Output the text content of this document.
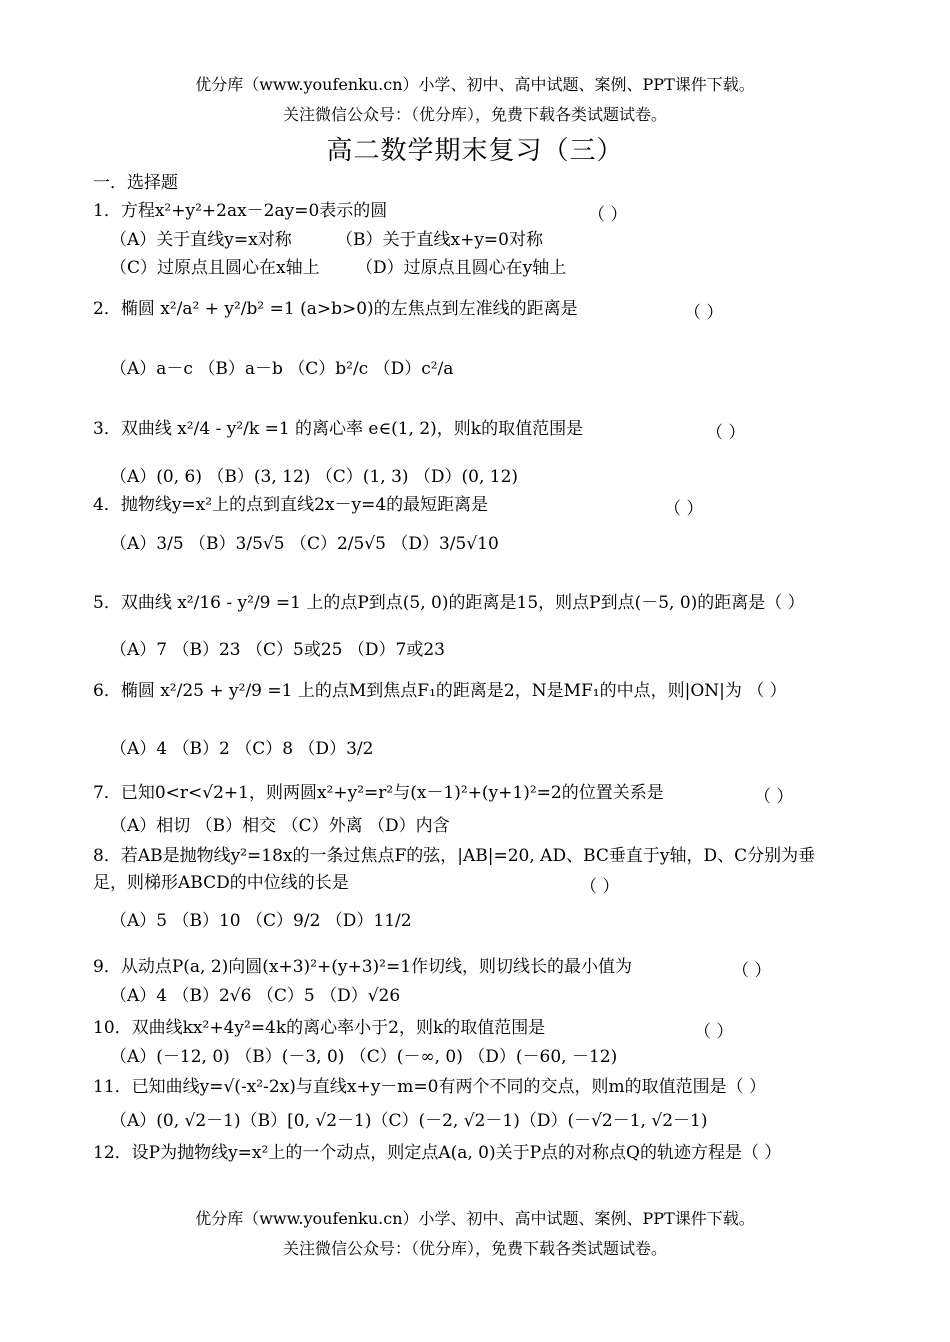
优分库（www.youfenku.cn）小学、初中、高中试题、案例、PPT课件下载。
关注微信公众号：（优分库），免费下载各类试题试卷。
高二数学期末复习（三）
一．选择题
1．方程x²+y²+2ax－2ay=0表示的圆	（ ）
（A）关于直线y=x对称	（B）关于直线x+y=0对称
（C）过原点且圆心在x轴上 （D）过原点且圆心在y轴上
2．椭圆 x²/a² + y²/b² =1 (a>b>0)的左焦点到左准线的距离是	（ ）
（A）a－c （B）a－b （C）b²/c （D）c²/a
3．双曲线 x²/4 - y²/k =1 的离心率 e∈(1, 2)，则k的取值范围是	（ ）
（A）(0, 6) （B）(3, 12) （C）(1, 3) （D）(0, 12)
4．抛物线y=x²上的点到直线2x－y=4的最短距离是	（ ）
（A）3/5 （B）3/5√5 （C）2/5√5 （D）3/5√10
5．双曲线 x²/16 - y²/9 =1 上的点P到点(5, 0)的距离是15，则点P到点(－5, 0)的距离是（ ）
（A）7 （B）23 （C）5或25 （D）7或23
6．椭圆 x²/25 + y²/9 =1 上的点M到焦点F₁的距离是2，N是MF₁的中点，则|ON|为 （ ）
（A）4 （B）2 （C）8 （D）3/2
7．已知0<r<√2+1，则两圆x²+y²=r²与(x－1)²+(y+1)²=2的位置关系是	（ ）
（A）相切 （B）相交 （C）外离 （D）内含
8．若AB是抛物线y²=18x的一条过焦点F的弦，|AB|=20, AD、BC垂直于y轴，D、C分别为垂
足，则梯形ABCD的中位线的长是	（ ）
（A）5 （B）10 （C）9/2 （D）11/2
9．从动点P(a, 2)向圆(x+3)²+(y+3)²=1作切线，则切线长的最小值为	（ ）
（A）4 （B）2√6 （C）5 （D）√26
10．双曲线kx²+4y²=4k的离心率小于2，则k的取值范围是	（ ）
（A）(－12, 0) （B）(－3, 0) （C）(－∞, 0) （D）(－60, －12)
11．已知曲线y=√(-x²-2x)与直线x+y－m=0有两个不同的交点，则m的取值范围是（ ）
（A）(0, √2－1)（B）[0, √2－1)（C）(－2, √2－1)（D）(－√2－1, √2－1)
12．设P为抛物线y=x²上的一个动点，则定点A(a, 0)关于P点的对称点Q的轨迹方程是（ ）
优分库（www.youfenku.cn）小学、初中、高中试题、案例、PPT课件下载。
关注微信公众号：（优分库），免费下载各类试题试卷。
